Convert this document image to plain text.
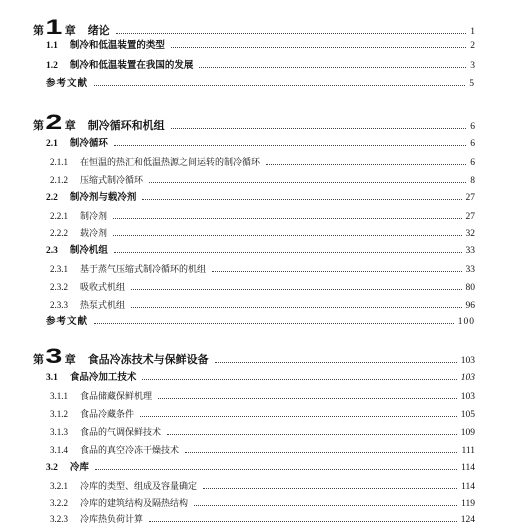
第 1 章	绪论	1
1.1	制冷和低温装置的类型	2
1.2	制冷和低温装置在我国的发展	3
参考文献	5
第 2 章	制冷循环和机组	6
2.1	制冷循环	6
2.1.1	在恒温的热汇和低温热源之间运转的制冷循环	6
2.1.2	压缩式制冷循环	8
2.2	制冷剂与载冷剂	27
2.2.1	制冷剂	27
2.2.2	载冷剂	32
2.3	制冷机组	33
2.3.1	基于蒸气压缩式制冷循环的机组	33
2.3.2	吸收式机组	80
2.3.3	热泵式机组	96
参考文献	100
第 3 章	食品冷冻技术与保鲜设备	103
3.1	食品冷加工技术	103
3.1.1	食品储藏保鲜机理	103
3.1.2	食品冷藏条件	105
3.1.3	食品的气调保鲜技术	109
3.1.4	食品的真空冷冻干燥技术	111
3.2	冷库	114
3.2.1	冷库的类型、组成及容量确定	114
3.2.2	冷库的建筑结构及隔热结构	119
3.2.3	冷库热负荷计算	124
